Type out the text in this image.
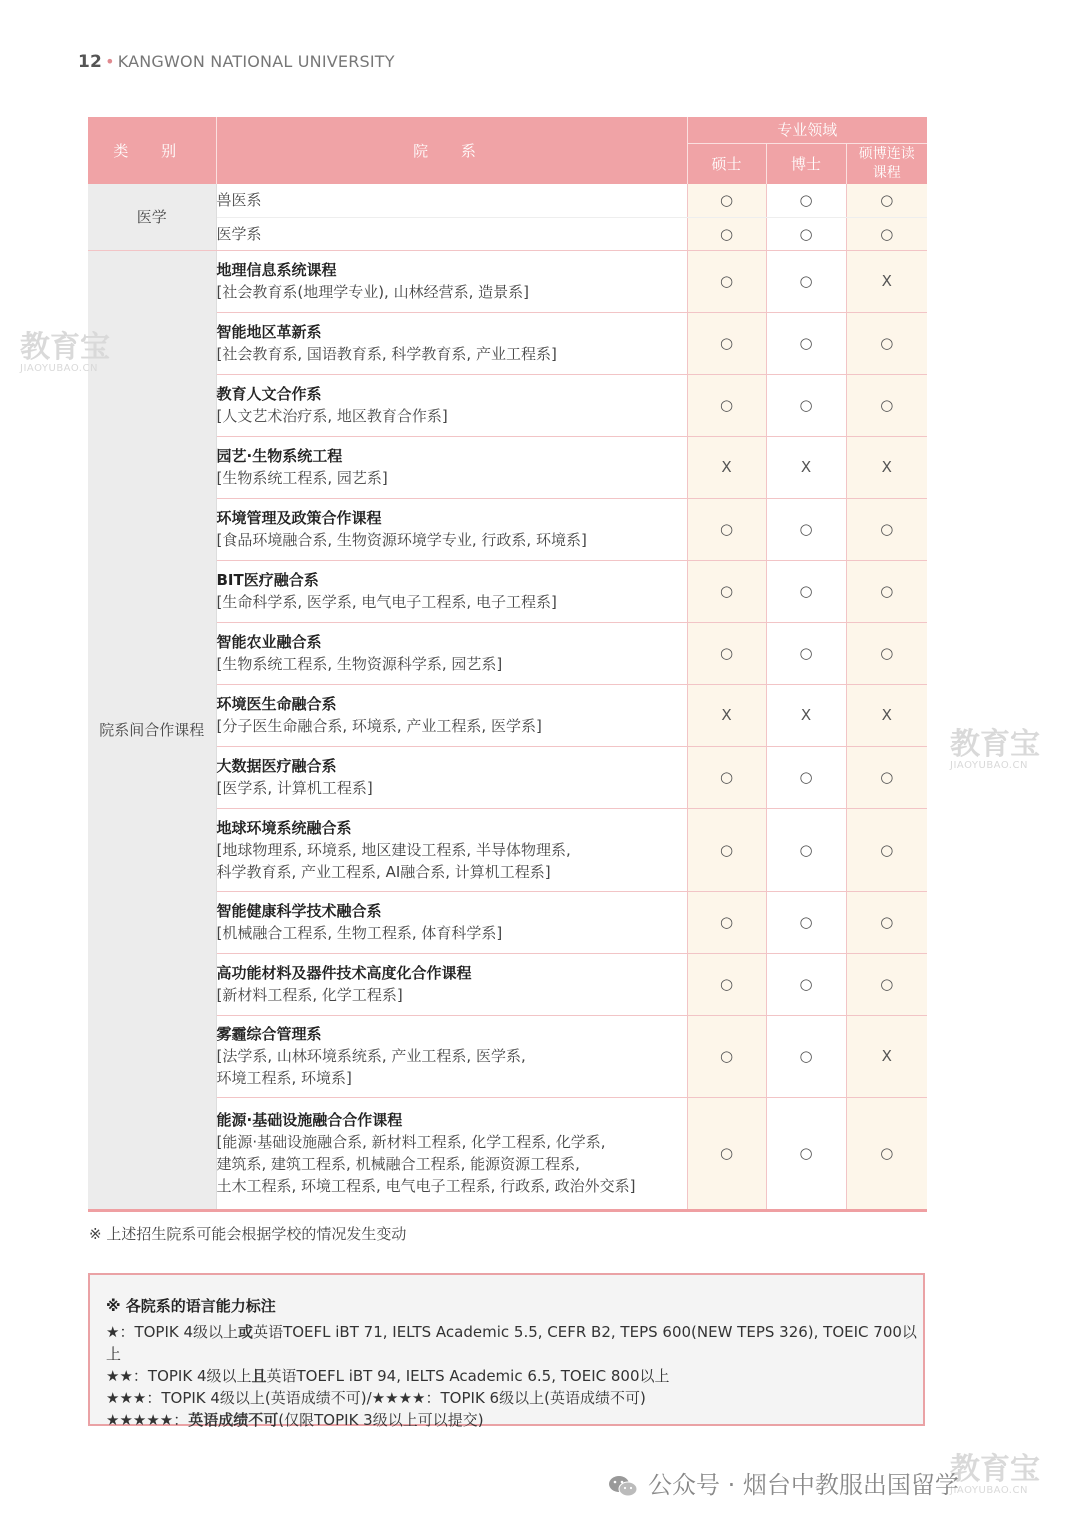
12 • KANGWON NATIONAL UNIVERSITY
类 别	院 系	专业领域		
		硕士	博士	硕博连读
课程
医学	兽医系	○	○	○
	医学系	○	○	○
院系间合作课程	地理信息系统课程
[社会教育系(地理学专业), 山林经营系, 造景系]	○	○	X

	智能地区革新系
[社会教育系, 国语教育系, 科学教育系, 产业工程系]	○	○	○

	教育人文合作系
[人文艺术治疗系, 地区教育合作系]	○	○	○

	园艺·生物系统工程
[生物系统工程系, 园艺系]	X	X	X

	环境管理及政策合作课程
[食品环境融合系, 生物资源环境学专业, 行政系, 环境系]	○	○	○

	BIT医疗融合系
[生命科学系, 医学系, 电气电子工程系, 电子工程系]	○	○	○

	智能农业融合系
[生物系统工程系, 生物资源科学系, 园艺系]	○	○	○

	环境医生命融合系
[分子医生命融合系, 环境系, 产业工程系, 医学系]	X	X	X

	大数据医疗融合系
[医学系, 计算机工程系]	○	○	○

	地球环境系统融合系
[地球物理系, 环境系, 地区建设工程系, 半导体物理系,
科学教育系, 产业工程系, AI融合系, 计算机工程系]	○	○	○

	智能健康科学技术融合系
[机械融合工程系, 生物工程系, 体育科学系]	○	○	○

	高功能材料及器件技术高度化合作课程
[新材料工程系, 化学工程系]	○	○	○

	雾霾综合管理系
[法学系, 山林环境系统系, 产业工程系, 医学系,
环境工程系, 环境系]	○	○	X

	能源·基础设施融合合作课程
[能源·基础设施融合系, 新材料工程系, 化学工程系, 化学系,
建筑系, 建筑工程系, 机械融合工程系, 能源资源工程系,
土木工程系, 环境工程系, 电气电子工程系, 行政系, 政治外交系]	○	○	○
※ 上述招生院系可能会根据学校的情况发生变动
※ 各院系的语言能力标注
★：TOPIK 4级以上或英语TOEFL iBT 71, IELTS Academic 5.5, CEFR B2, TEPS 600(NEW TEPS 326), TOEIC 700以上
★★：TOPIK 4级以上且英语TOEFL iBT 94, IELTS Academic 6.5, TOEIC 800以上
★★★：TOPIK 4级以上(英语成绩不可)/★★★★：TOPIK 6级以上(英语成绩不可)
★★★★★：英语成绩不可(仅限TOPIK 3级以上可以提交)
教育宝
JIAOYUBAO.CN
教育宝
JIAOYUBAO.CN
教育宝
JIAOYUBAO.CN
公众号 · 烟台中教服出国留学
